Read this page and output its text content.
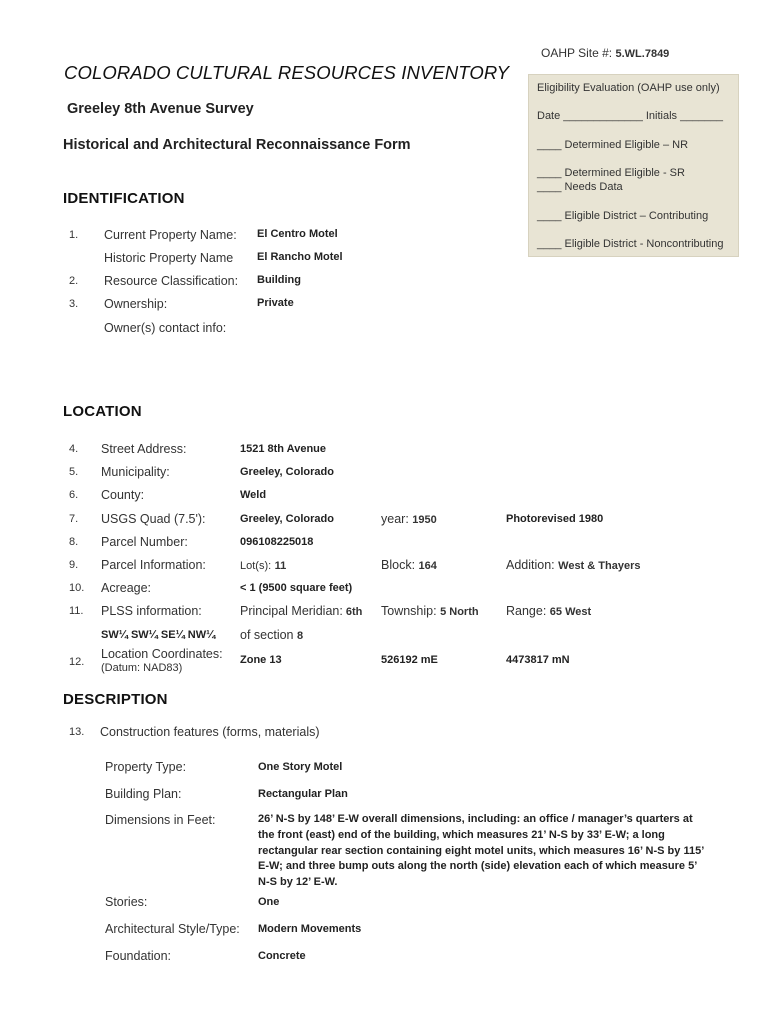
OAHP Site #: 5.WL.7849
COLORADO CULTURAL RESOURCES INVENTORY
Greeley 8th Avenue Survey
Historical and Architectural Reconnaissance Form
Eligibility Evaluation (OAHP use only)
Date _____________ Initials _______
____ Determined Eligible – NR
____ Determined Eligible - SR
____ Needs Data
____ Eligible District – Contributing
____ Eligible District - Noncontributing
IDENTIFICATION
1. Current Property Name: El Centro Motel
Historic Property Name El Rancho Motel
2. Resource Classification: Building
3. Ownership:	Private
Owner(s) contact info:
LOCATION
4. Street Address:	1521 8th Avenue
5. Municipality:	Greeley, Colorado
6. County:	Weld
7. USGS Quad (7.5'):	Greeley, Colorado	year: 1950	Photorevised 1980
8. Parcel Number:	096108225018
9. Parcel Information:	Lot(s): 11	Block: 164	Addition: West & Thayers
10. Acreage:	< 1 (9500 square feet)
11. PLSS information:	Principal Meridian: 6th Township: 5 North Range: 65 West
SW¼ SW¼ SE¼ NW¼ of section 8
12.
Location Coordinates:
(Datum: NAD83)
Zone 13	526192 mE	4473817 mN
DESCRIPTION
13. Construction features (forms, materials)
Property Type:	One Story Motel
Building Plan:	Rectangular Plan
Dimensions in Feet:	26’ N-S by 148’ E-W overall dimensions, including: an office / manager’s quarters at the front (east) end of the building, which measures 21’ N-S by 33’ E-W; a long rectangular rear section containing eight motel units, which measures 16’ N-S by 115’ E-W; and three bump outs along the north (side) elevation each of which measure 5’ N-S by 12’ E-W.
Stories:	One
Architectural Style/Type: Modern Movements
Foundation:	Concrete
